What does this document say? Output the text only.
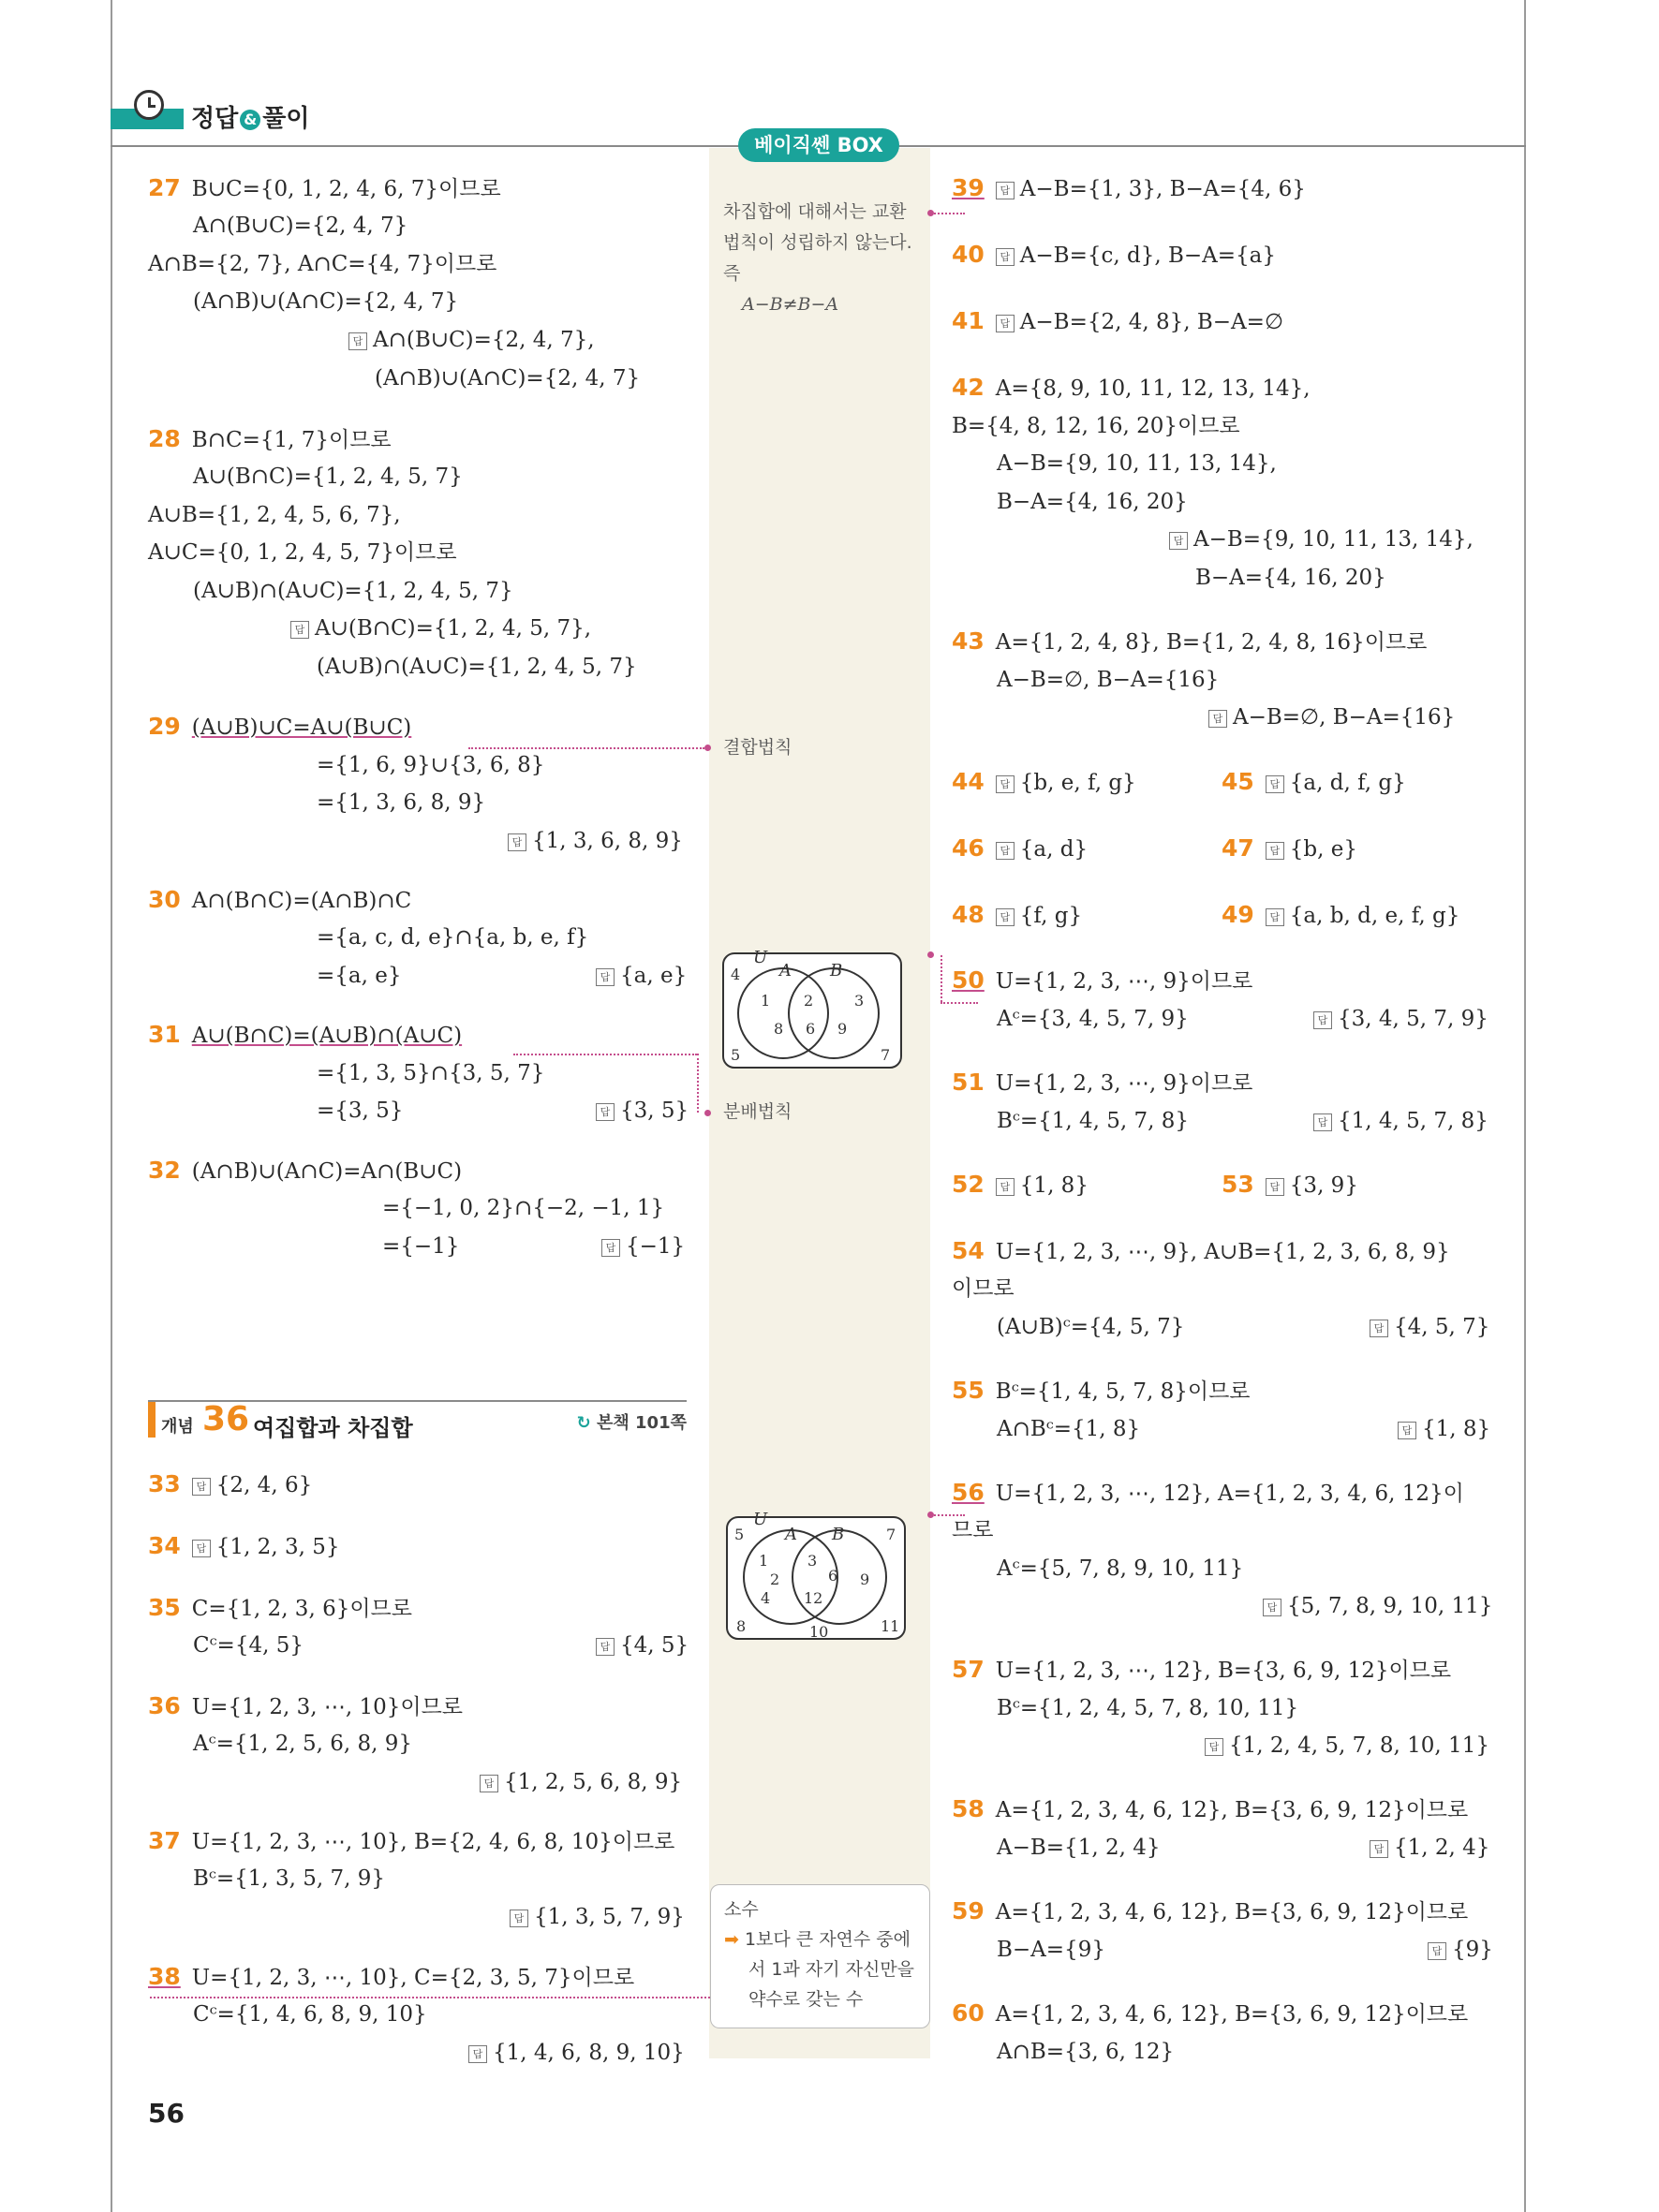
정답 & 풀이
베이직쎈 BOX
27 B∪C={0, 1, 2, 4, 6, 7}이므로
A∩(B∪C)={2, 4, 7}
A∩B={2, 7}, A∩C={4, 7}이므로
(A∩B)∪(A∩C)={2, 4, 7}
답 A∩(B∪C)={2, 4, 7},
(A∩B)∪(A∩C)={2, 4, 7}
28 B∩C={1, 7}이므로
A∪(B∩C)={1, 2, 4, 5, 7}
A∪B={1, 2, 4, 5, 6, 7},
A∪C={0, 1, 2, 4, 5, 7}이므로
(A∪B)∩(A∪C)={1, 2, 4, 5, 7}
답 A∪(B∩C)={1, 2, 4, 5, 7},
(A∪B)∩(A∪C)={1, 2, 4, 5, 7}
29 (A∪B)∪C=A∪(B∪C)
={1, 6, 9}∪{3, 6, 8}
={1, 3, 6, 8, 9}
답 {1, 3, 6, 8, 9}
30 A∩(B∩C)=(A∩B)∩C
={a, c, d, e}∩{a, b, e, f}
={a, e}	답 {a, e}
31 A∪(B∩C)=(A∪B)∩(A∪C)
={1, 3, 5}∩{3, 5, 7}
={3, 5}	답 {3, 5}
32 (A∩B)∪(A∩C)=A∩(B∪C)
={−1, 0, 2}∩{−2, −1, 1}
={−1}	답 {−1}
개념 36 여집합과 차집합	↻ 본책 101쪽
33 답 {2, 4, 6}
34 답 {1, 2, 3, 5}
35 C={1, 2, 3, 6}이므로
Cᶜ={4, 5}	답 {4, 5}
36 U={1, 2, 3, ⋯, 10}이므로
Aᶜ={1, 2, 5, 6, 8, 9}
답 {1, 2, 5, 6, 8, 9}
37 U={1, 2, 3, ⋯, 10}, B={2, 4, 6, 8, 10}이므로
Bᶜ={1, 3, 5, 7, 9}
답 {1, 3, 5, 7, 9}
38 U={1, 2, 3, ⋯, 10}, C={2, 3, 5, 7}이므로
Cᶜ={1, 4, 6, 8, 9, 10}
답 {1, 4, 6, 8, 9, 10}
차집합에 대해서는 교환
법칙이 성립하지 않는다.
즉
A−B≠B−A
결합법칙
분배법칙
U
A B
4
1 2	3
8 6 9
5	7
U
A B
5	7
1	3
2	6 9
4 12
8	10	11
소수
➡ 1보다 큰 자연수 중에
서 1과 자기 자신만을
약수로 갖는 수
39 답 A−B={1, 3}, B−A={4, 6}
40 답 A−B={c, d}, B−A={a}
41 답 A−B={2, 4, 8}, B−A=∅
42 A={8, 9, 10, 11, 12, 13, 14},
B={4, 8, 12, 16, 20}이므로
A−B={9, 10, 11, 13, 14},
B−A={4, 16, 20}
답 A−B={9, 10, 11, 13, 14},
B−A={4, 16, 20}
43 A={1, 2, 4, 8}, B={1, 2, 4, 8, 16}이므로
A−B=∅, B−A={16}
답 A−B=∅, B−A={16}
44 답 {b, e, f, g}	45 답 {a, d, f, g}
46 답 {a, d}	47 답 {b, e}
48 답 {f, g}	49 답 {a, b, d, e, f, g}
50 U={1, 2, 3, ⋯, 9}이므로
Aᶜ={3, 4, 5, 7, 9}	답 {3, 4, 5, 7, 9}
51 U={1, 2, 3, ⋯, 9}이므로
Bᶜ={1, 4, 5, 7, 8}	답 {1, 4, 5, 7, 8}
52 답 {1, 8}	53 답 {3, 9}
54 U={1, 2, 3, ⋯, 9}, A∪B={1, 2, 3, 6, 8, 9}
이므로
(A∪B)ᶜ={4, 5, 7}	답 {4, 5, 7}
55 Bᶜ={1, 4, 5, 7, 8}이므로
A∩Bᶜ={1, 8}	답 {1, 8}
56 U={1, 2, 3, ⋯, 12}, A={1, 2, 3, 4, 6, 12}이
므로
Aᶜ={5, 7, 8, 9, 10, 11}
답 {5, 7, 8, 9, 10, 11}
57 U={1, 2, 3, ⋯, 12}, B={3, 6, 9, 12}이므로
Bᶜ={1, 2, 4, 5, 7, 8, 10, 11}
답 {1, 2, 4, 5, 7, 8, 10, 11}
58 A={1, 2, 3, 4, 6, 12}, B={3, 6, 9, 12}이므로
A−B={1, 2, 4}	답 {1, 2, 4}
59 A={1, 2, 3, 4, 6, 12}, B={3, 6, 9, 12}이므로
B−A={9}	답 {9}
60 A={1, 2, 3, 4, 6, 12}, B={3, 6, 9, 12}이므로
A∩B={3, 6, 12}
56
